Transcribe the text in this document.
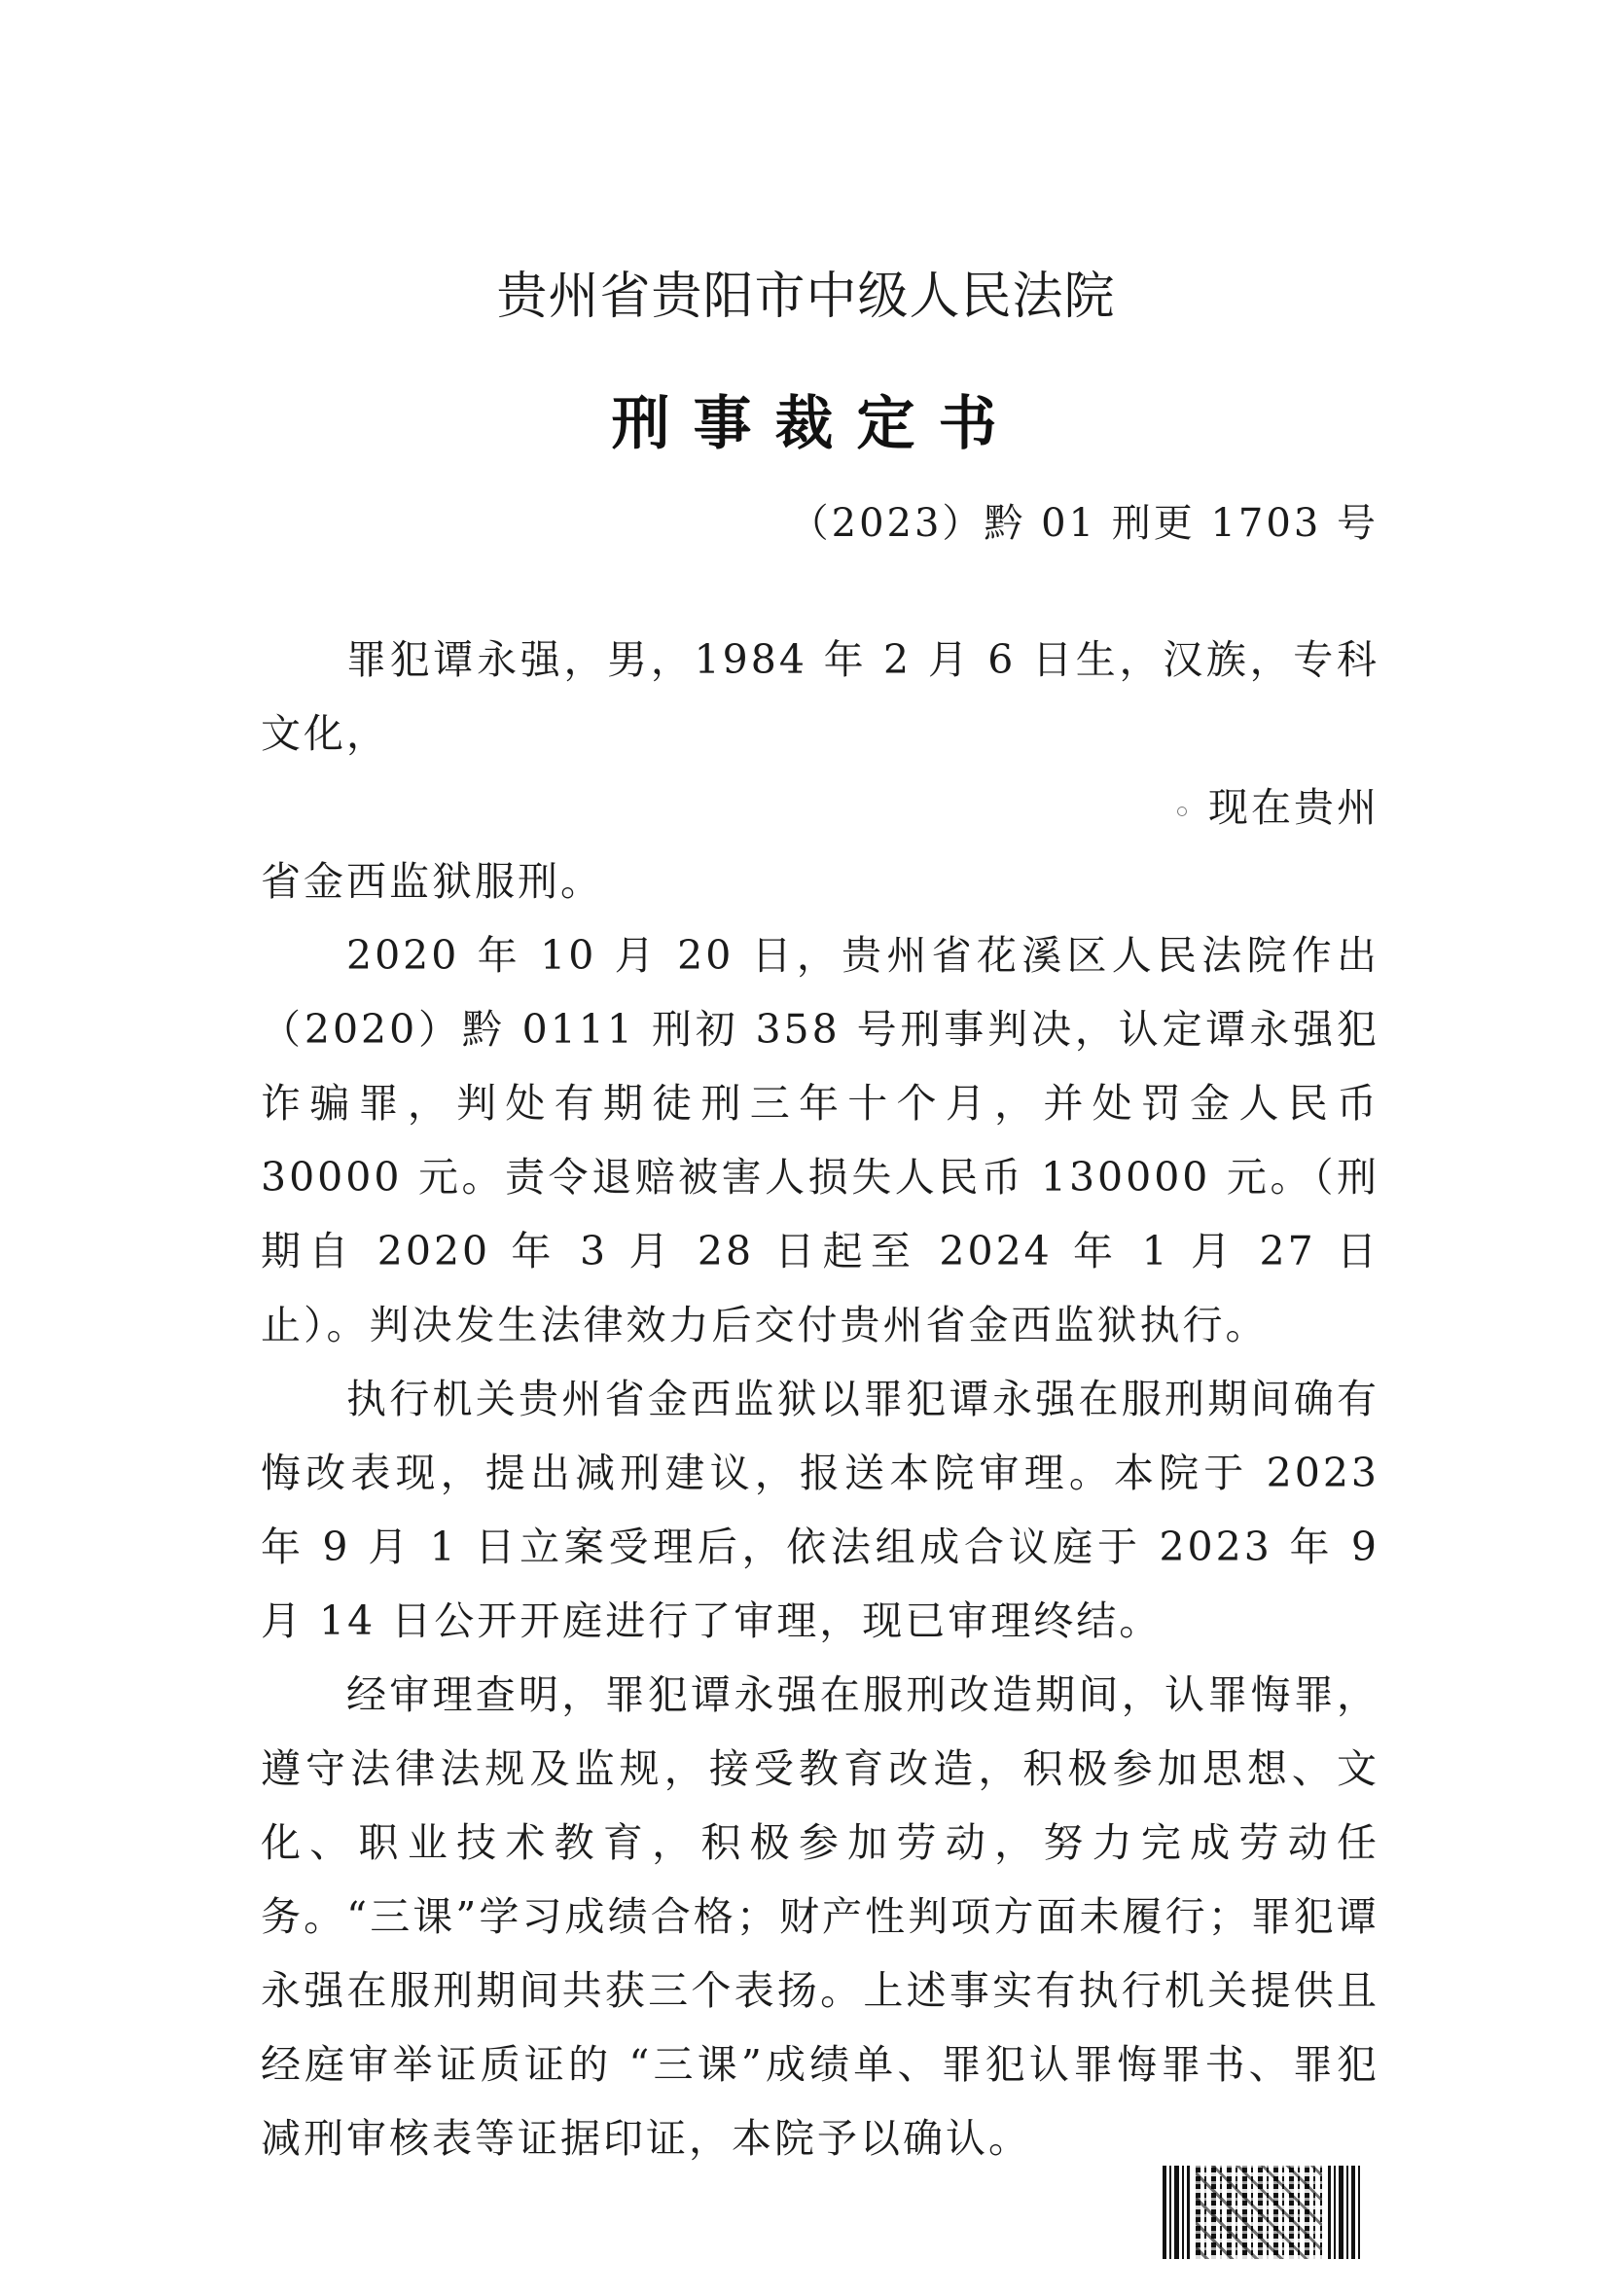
贵州省贵阳市中级人民法院
刑事裁定书
（2023）黔 01 刑更 1703 号

罪犯谭永强，男，1984 年 2 月 6 日生，汉族，专科文化，

现在贵州

省金西监狱服刑。

2020 年 10 月 20 日，贵州省花溪区人民法院作出（2020）黔 0111 刑初 358 号刑事判决，认定谭永强犯诈骗罪，判处有期徒刑三年十个月，并处罚金人民币 30000 元。责令退赔被害人损失人民币 130000 元。（刑期自 2020 年 3 月 28 日起至 2024 年 1 月 27 日止）。判决发生法律效力后交付贵州省金西监狱执行。

执行机关贵州省金西监狱以罪犯谭永强在服刑期间确有悔改表现，提出减刑建议，报送本院审理。本院于 2023 年 9 月 1 日立案受理后，依法组成合议庭于 2023 年 9 月 14 日公开开庭进行了审理，现已审理终结。

经审理查明，罪犯谭永强在服刑改造期间，认罪悔罪，遵守法律法规及监规，接受教育改造，积极参加思想、文化、职业技术教育，积极参加劳动，努力完成劳动任务。“三课”学习成绩合格；财产性判项方面未履行；罪犯谭永强在服刑期间共获三个表扬。上述事实有执行机关提供且经庭审举证质证的 “三课”成绩单、罪犯认罪悔罪书、罪犯减刑审核表等证据印证，本院予以确认。
